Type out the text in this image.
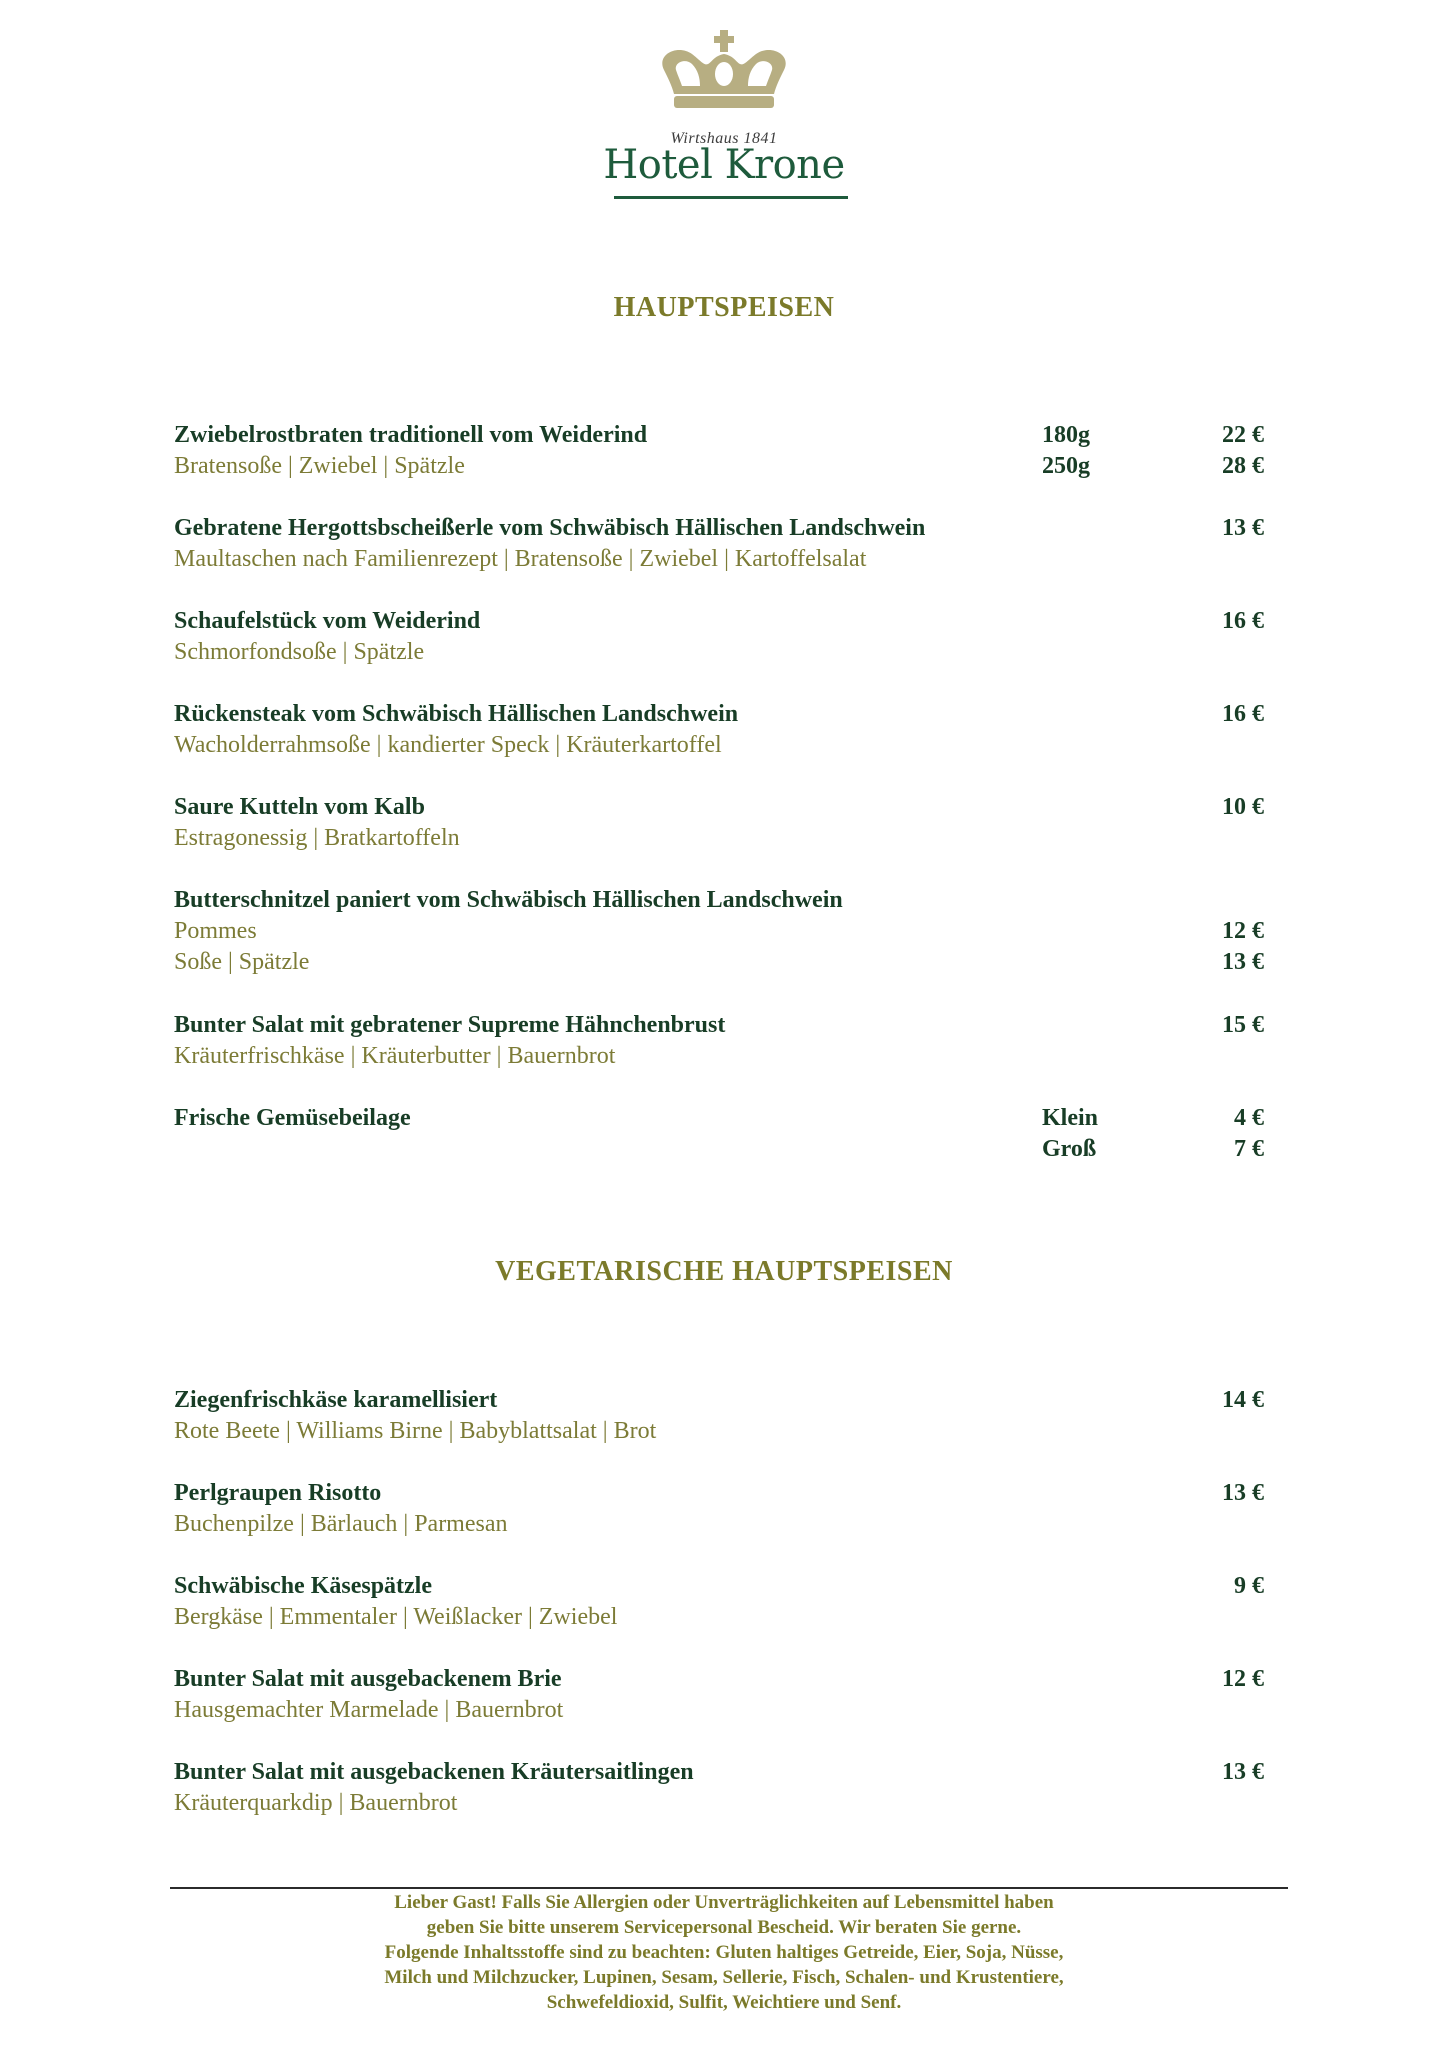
Wirtshaus 1841
Hotel Krone
HAUPTSPEISEN
Zwiebelrostbraten traditionell vom Weiderind	180g	22 €
Bratensoße | Zwiebel | Spätzle	250g	28 €
Gebratene Hergottsbscheißerle vom Schwäbisch Hällischen Landschwein	13 €
Maultaschen nach Familienrezept | Bratensoße | Zwiebel | Kartoffelsalat
Schaufelstück vom Weiderind	16 €
Schmorfondsoße | Spätzle
Rückensteak vom Schwäbisch Hällischen Landschwein	16 €
Wacholderrahmsoße | kandierter Speck | Kräuterkartoffel
Saure Kutteln vom Kalb	10 €
Estragonessig | Bratkartoffeln
Butterschnitzel paniert vom Schwäbisch Hällischen Landschwein
Pommes	12 €
Soße | Spätzle	13 €
Bunter Salat mit gebratener Supreme Hähnchenbrust	15 €
Kräuterfrischkäse | Kräuterbutter | Bauernbrot
Frische Gemüsebeilage	Klein	4 €
Groß	7 €
VEGETARISCHE HAUPTSPEISEN
Ziegenfrischkäse karamellisiert	14 €
Rote Beete | Williams Birne | Babyblattsalat | Brot
Perlgraupen Risotto	13 €
Buchenpilze | Bärlauch | Parmesan
Schwäbische Käsespätzle	9 €
Bergkäse | Emmentaler | Weißlacker | Zwiebel
Bunter Salat mit ausgebackenem Brie	12 €
Hausgemachter Marmelade | Bauernbrot
Bunter Salat mit ausgebackenen Kräutersaitlingen	13 €
Kräuterquarkdip | Bauernbrot
Lieber Gast! Falls Sie Allergien oder Unverträglichkeiten auf Lebensmittel haben
geben Sie bitte unserem Servicepersonal Bescheid. Wir beraten Sie gerne.
Folgende Inhaltsstoffe sind zu beachten: Gluten haltiges Getreide, Eier, Soja, Nüsse,
Milch und Milchzucker, Lupinen, Sesam, Sellerie, Fisch, Schalen- und Krustentiere,
Schwefeldioxid, Sulfit, Weichtiere und Senf.
